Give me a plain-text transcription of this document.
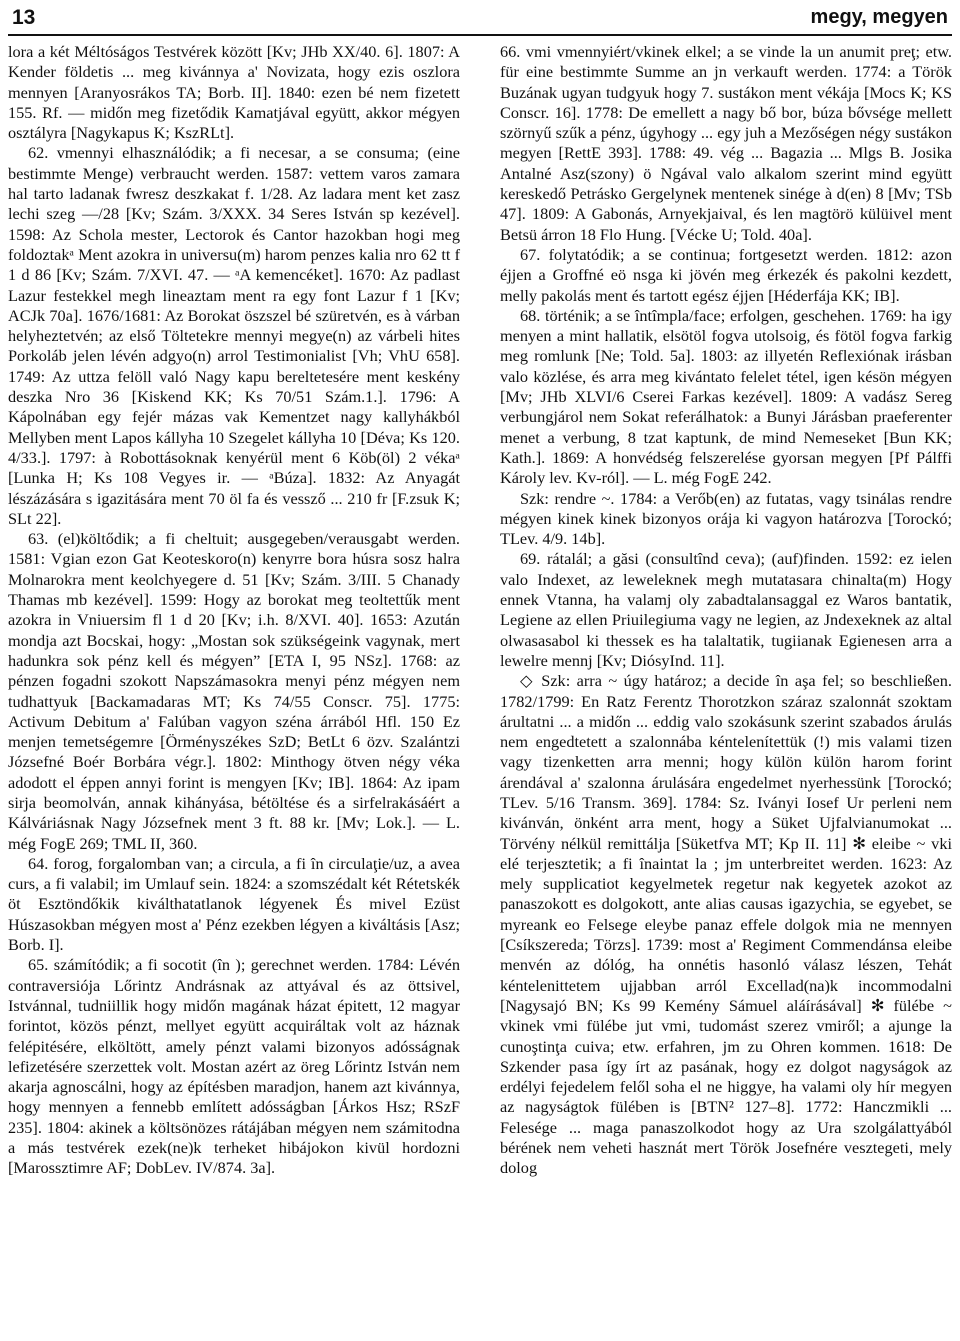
13	megy, megyen

lora a két Méltóságos Testvérek között [Kv; JHb XX/40. 6]. 1807: A Kender földetis ... meg kivánnya a' Novizata, hogy ezis oszlora mennyen [Aranyosrákos TA; Borb. II]. 1840: ezen bé nem fizetett 155. Rf. — midőn meg fizetődik Kamatjával együtt, akkor mégyen osztályra [Nagykapus K; KszRLt].

62. vmennyi elhasználódik; a fi necesar, a se consuma; (eine bestimmte Menge) verbraucht werden. 1587: vettem varos zamara hal tarto ladanak fwresz deszkakat f. 1/28. Az ladara ment ket zasz lechi szeg —/28 [Kv; Szám. 3/XXX. 34 Seres István sp kezével]. 1598: Az Schola mester, Lectorok és Cantor hazokban hogi meg foldoztakᵃ Ment azokra in universu(m) harom penzes kalia nro 62 tt f 1 d 86 [Kv; Szám. 7/XVI. 47. — ᵃA kemencéket]. 1670: Az padlast Lazur festekkel megh lineaztam ment ra egy font Lazur f 1 [Kv; ACJk 70a]. 1676/1681: Az Borokat öszszel bé szüretvén, es à várban helyheztetvén; az első Töltetekre mennyi megye(n) az várbeli hites Porkoláb jelen lévén adgyo(n) arrol Testimonialist [Vh; VhU 658]. 1749: Az uttza felöll való Nagy kapu bereltetesére ment keskény deszka Nro 36 [Kiskend KK; Ks 70/51 Szám.1.]. 1796: A Kápolnában egy fejér mázas vak Kementzet nagy kallyhákból Mellyben ment Lapos kállyha 10 Szegelet kállyha 10 [Déva; Ks 120. 4/33.]. 1797: à Robottásoknak kenyérül ment 6 Köb(öl) 2 vékaᵃ [Lunka H; Ks 108 Vegyes ir. — ᵃBúza]. 1832: Az Anyagát lészázására s igazitására ment 70 öl fa és vessző ... 210 fr [F.zsuk K; SLt 22].

63. (el)költődik; a fi cheltuit; ausgegeben/verausgabt werden. 1581: Vgian ezon Gat Keoteskoro(n) kenyrre bora húsra sosz halra Molnarokra ment keolchyegere d. 51 [Kv; Szám. 3/III. 5 Chanady Thamas mb kezével]. 1599: Hogy az borokat meg teoltettűk ment azokra in Vniuersim fl 1 d 20 [Kv; i.h. 8/XVI. 40]. 1653: Azután mondja azt Bocskai, hogy: „Mostan sok szükségeink vagynak, mert hadunkra sok pénz kell és mégyen” [ETA I, 95 NSz]. 1768: az pénzen fogadni szokott Napszámasokra menyi pénz mégyen nem tudhattyuk [Backamadaras MT; Ks 74/55 Conscr. 75]. 1775: Activum Debitum a' Falúban vagyon széna árrából Hfl. 150 Ez menjen temetségemre [Örményszékes SzD; BetLt 6 özv. Szalántzi Józsefné Boér Borbára végr.]. 1802: Minthogy ötven négy véka adodott el éppen annyi forint is mengyen [Kv; IB]. 1864: Az ipam sirja beomolván, annak kihányása, bétöltése és a sirfelrakásáért a Kálváriásnak Nagy Józsefnek ment 3 ft. 88 kr. [Mv; Lok.]. — L. még FogE 269; TML II, 360.

64. forog, forgalomban van; a circula, a fi în circulaţie/uz, a avea curs, a fi valabil; im Umlauf sein. 1824: a szomszédalt két Rétetskék öt Esztöndőkik kiválthatatlanok légyenek És mivel Ezüst Húszasokban mégyen most a' Pénz ezekben légyen a kiváltásis [Asz; Borb. I].

65. számítódik; a fi socotit (în ); gerechnet werden. 1784: Lévén contraversiója Lőrintz Andrásnak az attyával és az öttsivel, Istvánnal, tudniillik hogy midőn magának házat épitett, 12 magyar forintot, közös pénzt, mellyet együtt acquiráltak volt az háznak felépitésére, elköltött, amely pénzt valami bizonyos adósságnak lefizetésére szerzettek volt. Mostan azért az öreg Lőrintz István nem akarja agnoscálni, hogy az építésben maradjon, hanem azt kivánnya, hogy mennyen a fennebb említett adósságban [Árkos Hsz; RSzF 235]. 1804: akinek a költsönözes rátájában mégyen nem számitodna a más testvérek ezek(ne)k terheket hibájokon kivül hordozni [Marossztimre AF; DobLev. IV/874. 3a].

66. vmi vmennyiért/vkinek elkel; a se vinde la un anumit preţ; etw. für eine bestimmte Summe an jn verkauft werden. 1774: a Török Buzának ugyan tudgyuk hogy 7. sustákon ment vékája [Mocs K; KS Conscr. 16]. 1778: De emellett a nagy bő bor, búza bővsége mellett szörnyű szűk a pénz, úgyhogy ... egy juh a Mezőségen négy sustákon megyen [RettE 393]. 1788: 49. vég ... Bagazia ... Mlgs B. Josika Antalné Asz(szony) ö Ngával valo alkalom szerint mind együtt kereskedő Petrásko Gergelynek mentenek sinége à d(en) 8 [Mv; TSb 47]. 1809: A Gabonás, Arnyekjaival, és len magtörö külüivel ment Betsü árron 18 Flo Hung. [Vécke U; Told. 40a].

67. folytatódik; a se continua; fortgesetzt werden. 1812: azon éjjen a Groffné eö nsga ki jövén meg érkezék és pakolni kezdett, melly pakolás ment és tartott egész éjjen [Héderfája KK; IB].

68. történik; a se întîmpla/face; erfolgen, geschehen. 1769: ha igy menyen a mint hallatik, elsötöl fogva utolsoig, és fötöl fogva farkig meg romlunk [Ne; Told. 5a]. 1803: az illyetén Reflexiónak irásban valo közlése, és arra meg kivántato felelet tétel, igen késön mégyen [Mv; JHb XLVI/6 Cserei Farkas kezével]. 1809: A vadász Sereg verbungjárol nem Sokat referálhatok: a Bunyi Járásban praeferenter menet a verbung, 8 tzat kaptunk, de mind Nemeseket [Bun KK; Kath.]. 1869: A honvédség felszerelése gyorsan megyen [Pf Pálffi Károly lev. Kv-ról]. — L. még FogE 242.

Szk: rendre ~. 1784: a Verőb(en) az futatas, vagy tsinálas rendre mégyen kinek kinek bizonyos orája ki vagyon határozva [Torockó; TLev. 4/9. 14b].

69. rátalál; a găsi (consultînd ceva); (auf)finden. 1592: ez ielen valo Indexet, az leweleknek megh mutatasara chinalta(m) Hogy ennek Vtanna, ha valamj oly zabadtalansaggal ez Waros bantatik, Legiene az ellen Priuilegiuma vagy ne legien, az Jndexeknek az altal olwasasabol ki thessek es ha talaltatik, tugiianak Egienesen arra a lewelre mennj [Kv; DiósyInd. 11].

◇ Szk: arra ~ úgy határoz; a decide în aşa fel; so beschließen. 1782/1799: En Ratz Ferentz Thorotzkon száraz szalonnát szoktam árultatni ... a midőn ... eddig valo szokásunk szerint szabados árulás nem engedtetett a szalonnába kéntelenítettük (!) mis valami tizen vagy tizenketten arra menni; hogy külön külön harom forint árendával a' szalonna árulására engedelmet nyerhessünk [Torockó; TLev. 5/16 Transm. 369]. 1784: Sz. Iványi Iosef Ur perleni nem kivánván, önként arra ment, hogy a Süket Ujfalvianumokat ... Törvény nélkül remittálja [Süketfva MT; Kp II. 11] ✻ eleibe ~ vki elé terjesztetik; a fi înaintat la ; jm unterbreitet werden. 1623: Az mely supplicatiot kegyelmetek regetur nak kegyetek azokot az panaszokott es dolgokott, ante alias causas igazychia, se egyebet, se myreank eo Felsege eleybe panaz effele dolgok mia ne mennyen [Csíkszereda; Törzs]. 1739: most a' Regiment Commendánsa eleibe menvén az dólóg, ha onnétis hasonló válasz lészen, Tehát kéntelenittetem ujjabban arról Excellad(na)k incommodalni [Nagysajó BN; Ks 99 Kemény Sámuel aláírásával] ✻ fülébe ~ vkinek vmi fülébe jut vmi, tudomást szerez vmiről; a ajunge la cunoştinţa cuiva; etw. erfahren, jm zu Ohren kommen. 1618: De Szkender pasa így írt az pasának, hogy ez dolgot nagyságok az erdélyi fejedelem felől soha el ne higgye, ha valami oly hír megyen az nagyságtok fülében is [BTN² 127–8]. 1772: Hanczmikli ... Felesége ... maga panaszolkodot hogy az Ura szolgálattyából bérének nem veheti hasznát mert Török Josefnére vesztegeti, mely dolog
